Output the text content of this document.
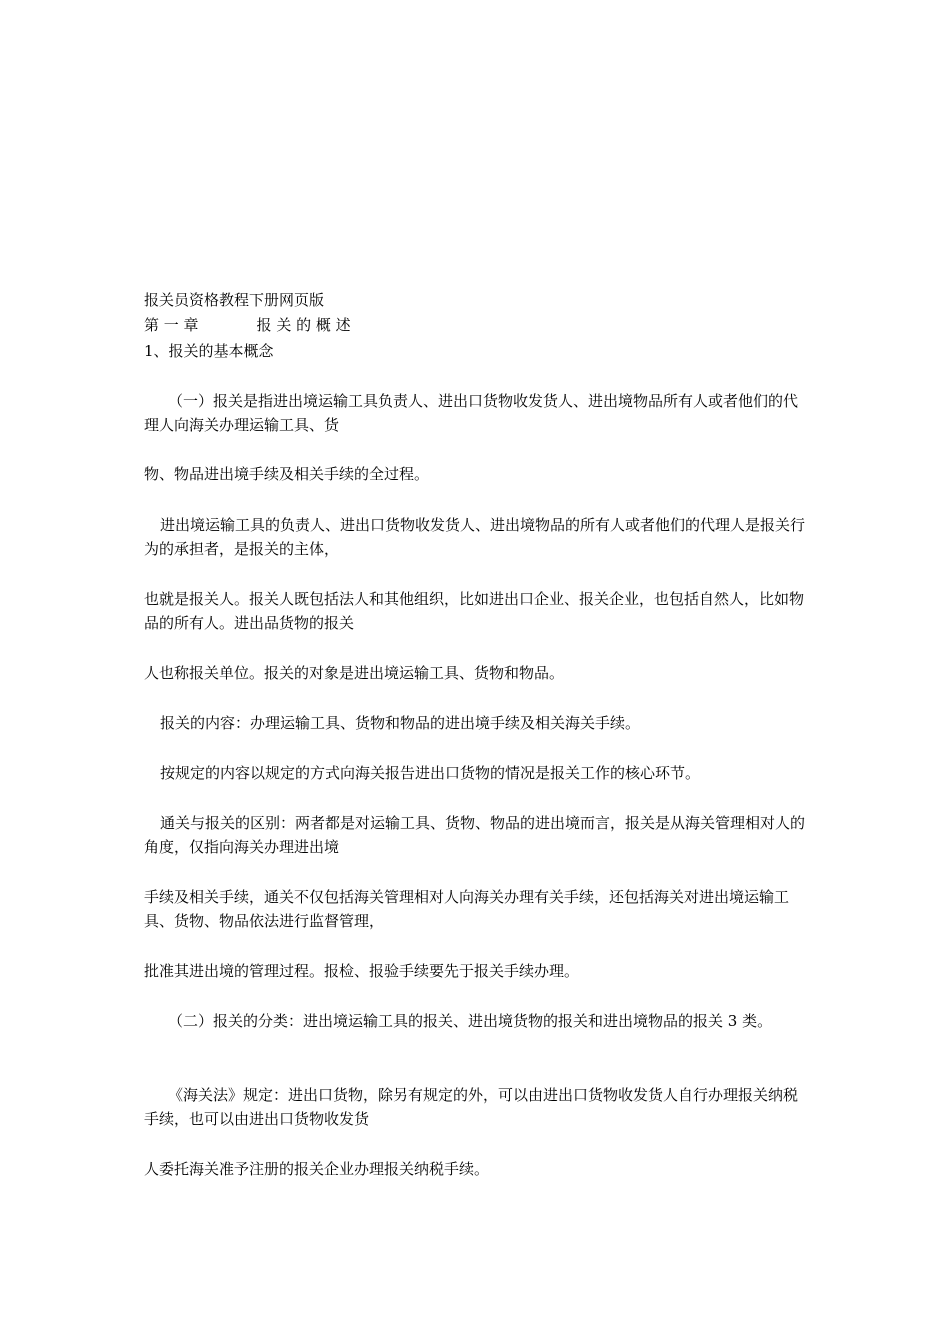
报关员资格教程下册网页版
第 一 章	报 关 的 概 述
1、报关的基本概念
（一）报关是指进出境运输工具负责人、进出口货物收发货人、进出境物品所有人或者他们的代理人向海关办理运输工具、货
物、物品进出境手续及相关手续的全过程。
进出境运输工具的负责人、进出口货物收发货人、进出境物品的所有人或者他们的代理人是报关行为的承担者，是报关的主体，
也就是报关人。报关人既包括法人和其他组织，比如进出口企业、报关企业，也包括自然人，比如物品的所有人。进出品货物的报关
人也称报关单位。报关的对象是进出境运输工具、货物和物品。
报关的内容：办理运输工具、货物和物品的进出境手续及相关海关手续。
按规定的内容以规定的方式向海关报告进出口货物的情况是报关工作的核心环节。
通关与报关的区别：两者都是对运输工具、货物、物品的进出境而言，报关是从海关管理相对人的角度，仅指向海关办理进出境
手续及相关手续，通关不仅包括海关管理相对人向海关办理有关手续，还包括海关对进出境运输工具、货物、物品依法进行监督管理，
批准其进出境的管理过程。报检、报验手续要先于报关手续办理。
（二）报关的分类：进出境运输工具的报关、进出境货物的报关和进出境物品的报关 3 类。
《海关法》规定：进出口货物，除另有规定的外，可以由进出口货物收发货人自行办理报关纳税手续，也可以由进出口货物收发货
人委托海关准予注册的报关企业办理报关纳税手续。
